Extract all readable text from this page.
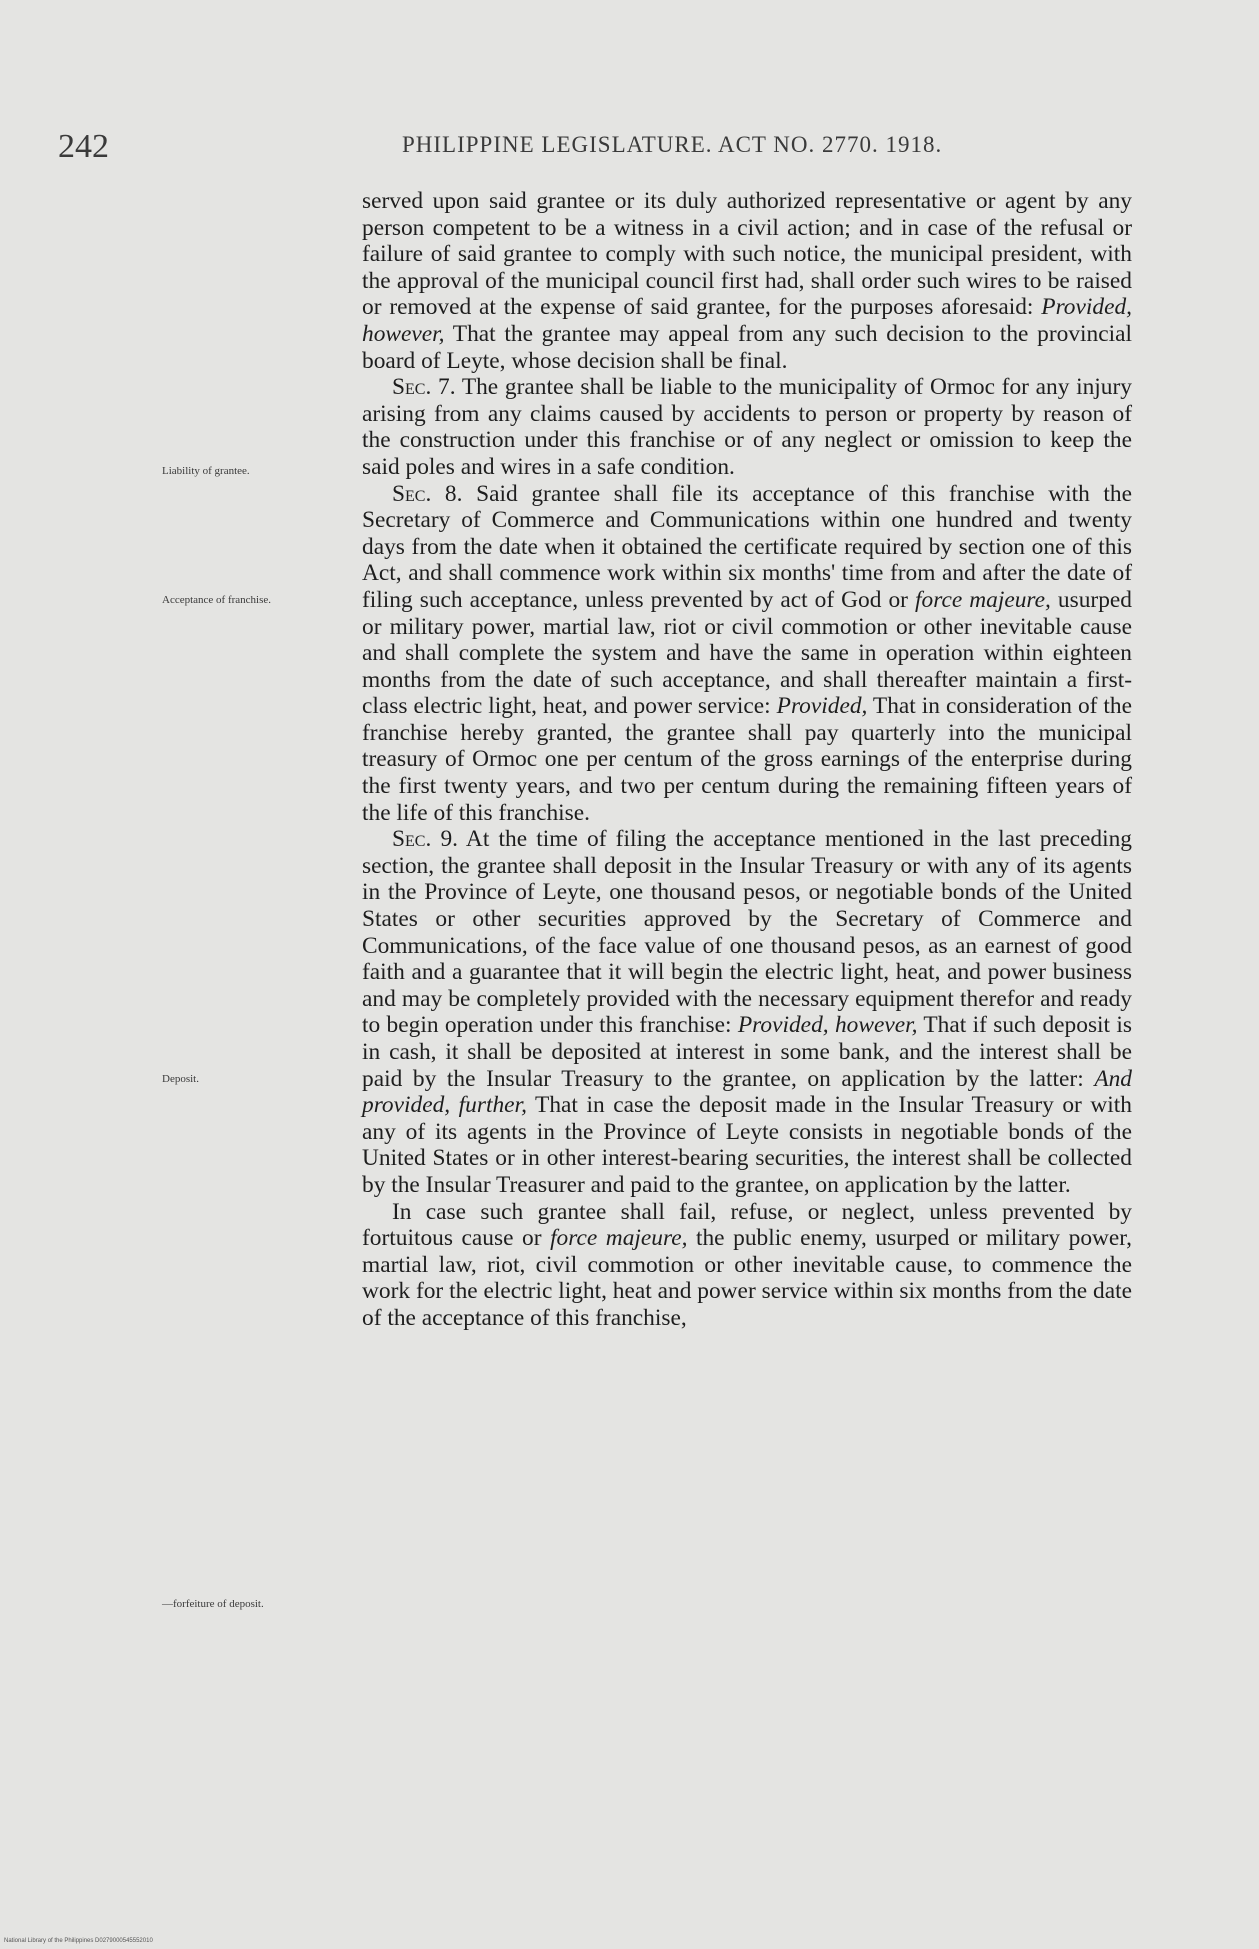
242	PHILIPPINE LEGISLATURE. ACT NO. 2770. 1918.
Liability of grantee.
Acceptance of franchise.
Deposit.
—forfeiture of deposit.

served upon said grantee or its duly authorized representative or agent by any person competent to be a witness in a civil action; and in case of the refusal or failure of said grantee to comply with such notice, the municipal president, with the approval of the municipal council first had, shall order such wires to be raised or removed at the expense of said grantee, for the purposes aforesaid: Provided, however, That the grantee may appeal from any such decision to the provincial board of Leyte, whose decision shall be final.

Sec. 7. The grantee shall be liable to the municipality of Ormoc for any injury arising from any claims caused by accidents to person or property by reason of the construction under this franchise or of any neglect or omission to keep the said poles and wires in a safe condition.

Sec. 8. Said grantee shall file its acceptance of this franchise with the Secretary of Commerce and Communications within one hundred and twenty days from the date when it obtained the certificate required by section one of this Act, and shall commence work within six months' time from and after the date of filing such acceptance, unless prevented by act of God or force majeure, usurped or military power, martial law, riot or civil commotion or other inevitable cause and shall complete the system and have the same in operation within eighteen months from the date of such acceptance, and shall thereafter maintain a first-class electric light, heat, and power service: Provided, That in consideration of the franchise hereby granted, the grantee shall pay quarterly into the municipal treasury of Ormoc one per centum of the gross earnings of the enterprise during the first twenty years, and two per centum during the remaining fifteen years of the life of this franchise.

Sec. 9. At the time of filing the acceptance mentioned in the last preceding section, the grantee shall deposit in the Insular Treasury or with any of its agents in the Province of Leyte, one thousand pesos, or negotiable bonds of the United States or other securities approved by the Secretary of Commerce and Communications, of the face value of one thousand pesos, as an earnest of good faith and a guarantee that it will begin the electric light, heat, and power business and may be completely provided with the necessary equipment therefor and ready to begin operation under this franchise: Provided, however, That if such deposit is in cash, it shall be deposited at interest in some bank, and the interest shall be paid by the Insular Treasury to the grantee, on application by the latter: And provided, further, That in case the deposit made in the Insular Treasury or with any of its agents in the Province of Leyte consists in negotiable bonds of the United States or in other interest-bearing securities, the interest shall be collected by the Insular Treasurer and paid to the grantee, on application by the latter.

In case such grantee shall fail, refuse, or neglect, unless prevented by fortuitous cause or force majeure, the public enemy, usurped or military power, martial law, riot, civil commotion or other inevitable cause, to commence the work for the electric light, heat and power service within six months from the date of the acceptance of this franchise,

National Library of the Philippines D0279000545552010
